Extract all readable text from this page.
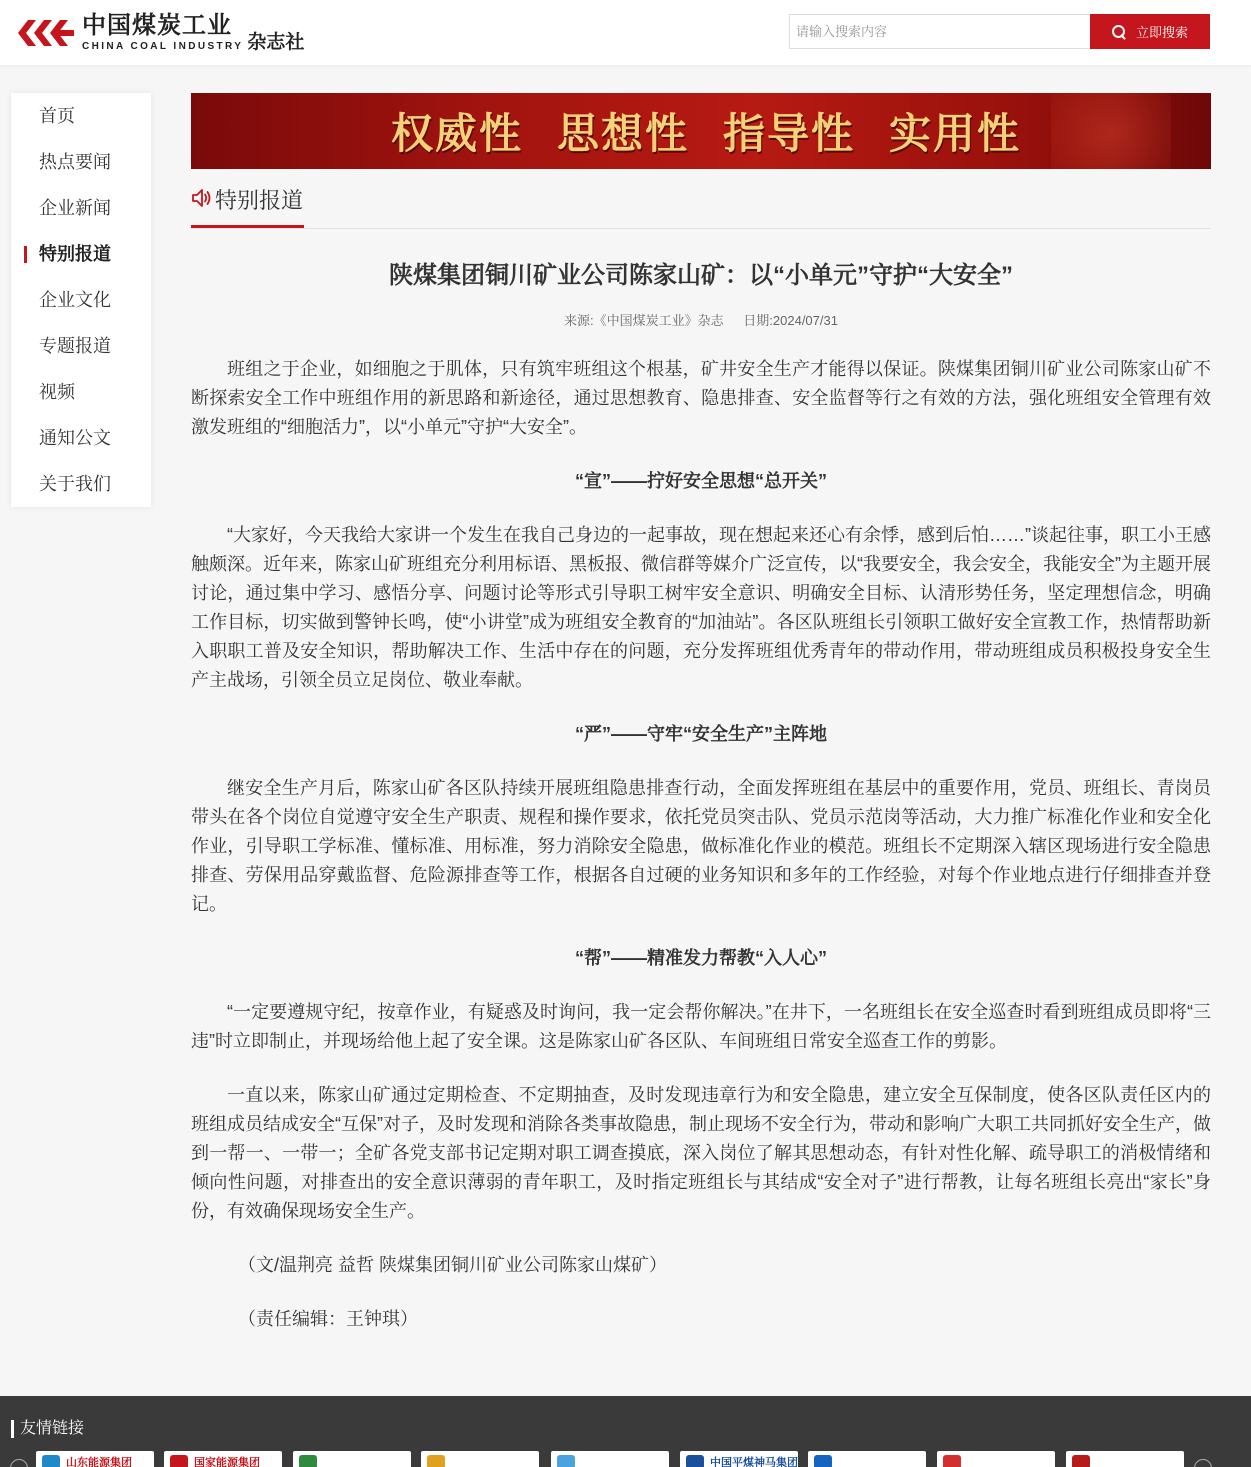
中国煤炭工业
CHINA COAL INDUSTRY 杂志社
请输入搜索内容	立即搜索
首页
热点要闻
企业新闻
特别报道
企业文化
专题报道
视频
通知公文
关于我们
权威性 思想性 指导性 实用性
特别报道
陕煤集团铜川矿业公司陈家山矿：以“小单元”守护“大安全”
来源:《中国煤炭工业》杂志 日期:2024/07/31

班组之于企业，如细胞之于肌体，只有筑牢班组这个根基，矿井安全生产才能得以保证。陕煤集团铜川矿业公司陈家山矿不断探索安全工作中班组作用的新思路和新途径，通过思想教育、隐患排查、安全监督等行之有效的方法，强化班组安全管理有效激发班组的“细胞活力”，以“小单元”守护“大安全”。

“宣”——拧好安全思想“总开关”

“大家好，今天我给大家讲一个发生在我自己身边的一起事故，现在想起来还心有余悸，感到后怕……”谈起往事，职工小王感触颇深。近年来，陈家山矿班组充分利用标语、黑板报、微信群等媒介广泛宣传，以“我要安全，我会安全，我能安全”为主题开展讨论，通过集中学习、感悟分享、问题讨论等形式引导职工树牢安全意识、明确安全目标、认清形势任务，坚定理想信念，明确工作目标，切实做到警钟长鸣，使“小讲堂”成为班组安全教育的“加油站”。各区队班组长引领职工做好安全宣教工作，热情帮助新入职职工普及安全知识，帮助解决工作、生活中存在的问题，充分发挥班组优秀青年的带动作用，带动班组成员积极投身安全生产主战场，引领全员立足岗位、敬业奉献。

“严”——守牢“安全生产”主阵地

继安全生产月后，陈家山矿各区队持续开展班组隐患排查行动，全面发挥班组在基层中的重要作用，党员、班组长、青岗员带头在各个岗位自觉遵守安全生产职责、规程和操作要求，依托党员突击队、党员示范岗等活动，大力推广标准化作业和安全化作业，引导职工学标准、懂标准、用标准，努力消除安全隐患，做标准化作业的模范。班组长不定期深入辖区现场进行安全隐患排查、劳保用品穿戴监督、危险源排查等工作，根据各自过硬的业务知识和多年的工作经验，对每个作业地点进行仔细排查并登记。

“帮”——精准发力帮教“入人心”

“一定要遵规守纪，按章作业，有疑惑及时询问，我一定会帮你解决。”在井下，一名班组长在安全巡查时看到班组成员即将“三违”时立即制止，并现场给他上起了安全课。这是陈家山矿各区队、车间班组日常安全巡查工作的剪影。

一直以来，陈家山矿通过定期检查、不定期抽查，及时发现违章行为和安全隐患，建立安全互保制度，使各区队责任区内的班组成员结成安全“互保”对子，及时发现和消除各类事故隐患，制止现场不安全行为，带动和影响广大职工共同抓好安全生产，做到一帮一、一带一；全矿各党支部书记定期对职工调查摸底，深入岗位了解其思想动态，有针对性化解、疏导职工的消极情绪和倾向性问题，对排查出的安全意识薄弱的青年职工，及时指定班组长与其结成“安全对子”进行帮教，让每名班组长亮出“家长”身份，有效确保现场安全生产。

（文/温荆亮 益哲 陕煤集团铜川矿业公司陈家山煤矿）

（责任编辑：王钟琪）

友情链接
山东能源集团	国家能源集团	中国平煤神马集团
